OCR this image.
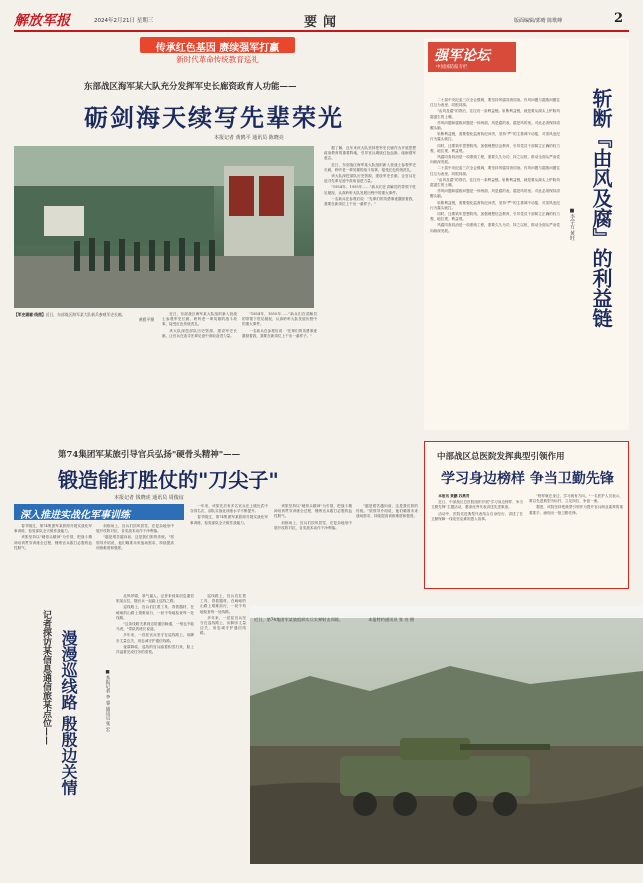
解放军报	2024年2月21日 星期三	要闻	版面编辑/郭晴 陈歌峰	2
传承红色基因 赓续强军打赢
新时代革命传统教育巡礼
东部战区海军某大队充分发挥军史长廊资政育人功能——
砺剑海天续写先辈荣光
本报记者 黄鸥平 通讯员 陈晓亮
【军史画廊·线图】近日，东部战区海军某大队新兵参观军史长廊。
黄鸥平摄

近日，东部战区海军某大队组织新入营战士参观军史长廊，聆听老一辈英雄的战斗故事，接受红色传统洗礼。

该大队深挖部队历史资源，建设军史长廊，让官兵在追寻先辈足迹中汲取奋进力量。

"1954年、1955年……"新兵们在讲解员的带领下驻足凝视，认真聆听大队发展历程中的重大事件。

一名新兵在参观后说："先辈们的英勇事迹激励着我，我要在新岗位上干出一番样子。"

据了解，近年来该大队坚持把军史长廊作为开展思想政治教育的重要阵地，引导官兵赓续红色血脉、砥砺强军意志。

近日，东部战区海军某大队组织新入营战士参观军史长廊，聆听老一辈英雄的战斗故事，接受红色传统洗礼。

该大队深挖部队历史资源，建设军史长廊，让官兵在追寻先辈足迹中汲取奋进力量。

"1954年、1955年……"新兵们在讲解员的带领下驻足凝视，认真聆听大队发展历程中的重大事件。

一名新兵在参观后说："先辈们的英勇事迹激励着我，我要在新岗位上干出一番样子。"

强军论坛
中国国防报专栏
斩断『由风及腐』的利益链
■李学方 黄旺

二十届中央纪委三次全会强调，要坚持风腐同查同治。作风问题与腐败问题往往互为表里、同根同源。

"由风及腐"的背后，往往有一条利益链。斩断利益链，就是要从源头上铲除风腐滋生的土壤。

作风问题和腐败问题是一体两面，风是腐的表，腐是风的里。对此必须保持清醒头脑。

斩断利益链，需要强化监督执纪问责，坚持"严"的主基调不动摇，对顶风违纪行为露头就打。

同时，还要筑牢思想防线，加强理想信念教育，引导党员干部树立正确的权力观、地位观、利益观。

风腐同查同治是一项系统工程，需要久久为功、持之以恒，推动全面从严治党向纵深发展。

二十届中央纪委三次全会强调，要坚持风腐同查同治。作风问题与腐败问题往往互为表里、同根同源。

"由风及腐"的背后，往往有一条利益链。斩断利益链，就是要从源头上铲除风腐滋生的土壤。

作风问题和腐败问题是一体两面，风是腐的表，腐是风的里。对此必须保持清醒头脑。

斩断利益链，需要强化监督执纪问责，坚持"严"的主基调不动摇，对顶风违纪行为露头就打。

同时，还要筑牢思想防线，加强理想信念教育，引导党员干部树立正确的权力观、地位观、利益观。

风腐同查同治是一项系统工程，需要久久为功、持之以恒，推动全面从严治党向纵深发展。

第74集团军某旅引导官兵弘扬"硬骨头精神"——
锻造能打胜仗的"刀尖子"
本报记者 钱晓虎 通讯员 周俊谊
深入推进实战化军事训练

春节刚过，第74集团军某旅即开展实战化军事训练，检验部队全天候作战能力。

该旅坚持以"硬骨头精神"为引领，把战斗精神培育贯穿训练全过程，锤炼官兵敢打必胜的血性胆气。

训练场上，官兵们顶风冒雪，在复杂地形中展开攻防对抗，各类战术动作干净利落。

"越是艰苦越向前，这是我们旅的传统。"旅领导介绍说，他们瞄准未来战场需求，持续提高训练难度和强度。

一年来，该旅先后有多名官兵在上级比武中夺得名次，部队实战化训练水平不断提升。

春节刚过，第74集团军某旅即开展实战化军事训练，检验部队全天候作战能力。

该旅坚持以"硬骨头精神"为引领，把战斗精神培育贯穿训练全过程，锤炼官兵敢打必胜的血性胆气。

训练场上，官兵们顶风冒雪，在复杂地形中展开攻防对抗，各类战术动作干净利落。

"越是艰苦越向前，这是我们旅的传统。"旅领导介绍说，他们瞄准未来战场需求，持续提高训练难度和强度。

中部战区总医院发挥典型引领作用
学习身边榜样 争当卫勤先锋

本报讯 黄鹏 苏燕青

近日，中部战区总医院组织开展"学习身边榜样、争当卫勤先锋"主题活动，邀请优秀代表讲述先进事迹。

活动中，医院先进典型代表结合自身经历，讲述了在卫勤保障一线攻坚克难的感人故事。

"榜样就在身边，学习就有方向。"一名医护人员表示，要以先进典型为标杆，立足岗位、争创一流。

据悉，该院坚持把典型引领作为提升官兵职业素养的重要抓手，涌现出一批卫勤先锋。

记者探访某信息通信旅某点位—— 漫漫巡线路 殷殷边关情	■本报记者 李 睿 通讯员 张 宏

北风呼啸，寒气逼人。记者来到某信息通信旅某点位，随官兵一起踏上巡线之路。

巡线路上，官兵们扛着工具、背着器材，在崎岖的山路上艰难前行，一丝不苟地检查每一处线路。

"这条线路关系到边防通信畅通，一刻也不能马虎。"带队的班长说道。

多年来，一茬茬官兵坚守在巡线路上，用脚步丈量边关，用忠诚守护通信线路。

夜幕降临，巡线的官兵踏着积雪归来，脸上洋溢着完成任务的喜悦。

近日，第74集团军某旅组织实兵实弹射击训练。	本报特约通讯员 张 亮 摄

巡线路上，官兵们扛着工具、背着器材，在崎岖的山路上艰难前行，一丝不苟地检查每一处线路。

多年来，一茬茬官兵坚守在巡线路上，用脚步丈量边关，用忠诚守护通信线路。
